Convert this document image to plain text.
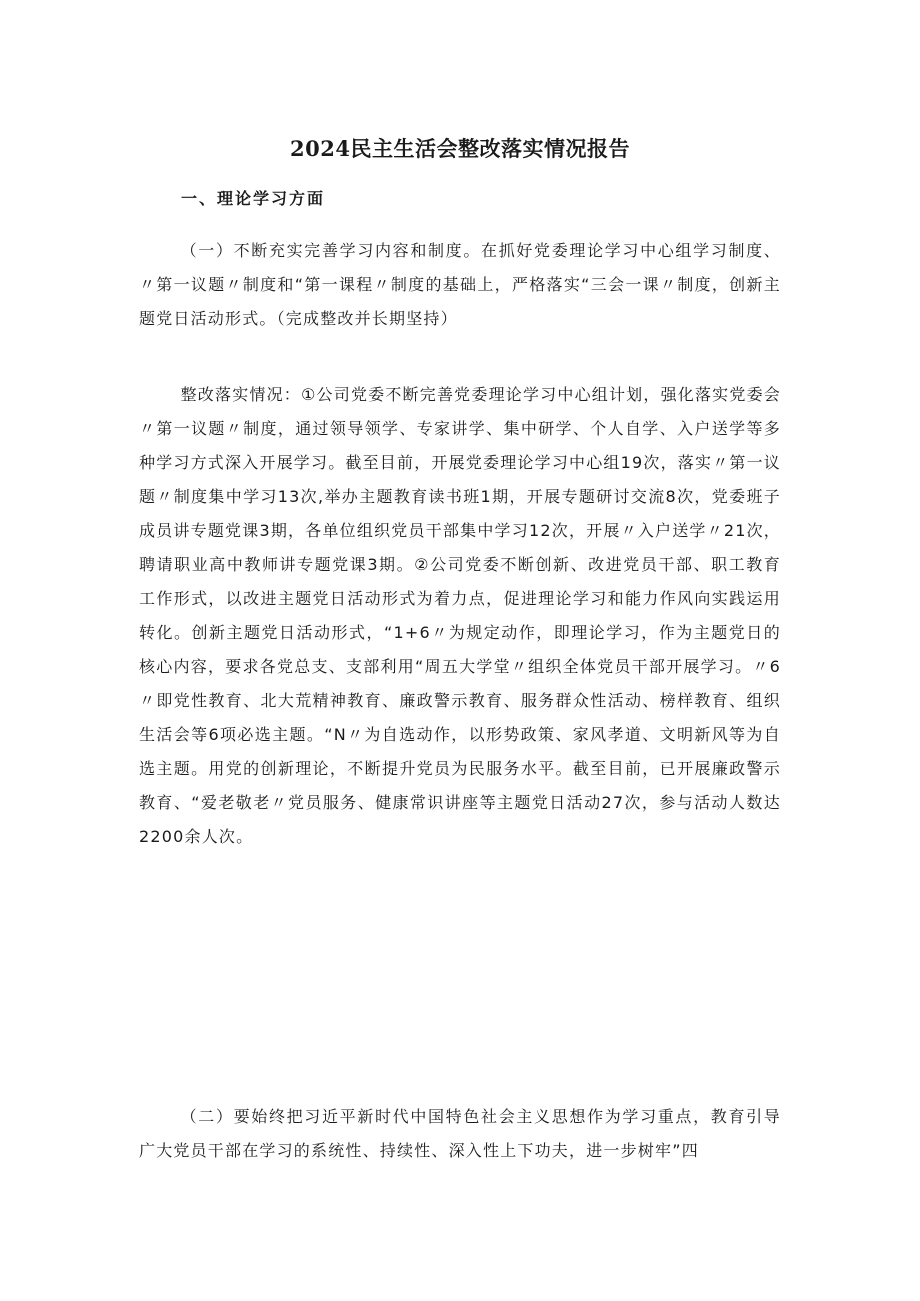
2024民主生活会整改落实情况报告
一、理论学习方面

（一）不断充实完善学习内容和制度。在抓好党委理论学习中心组学习制度、〃第一议题〃制度和“第一课程〃制度的基础上，严格落实“三会一课〃制度，创新主题党日活动形式。（完成整改并长期坚持）

整改落实情况：①公司党委不断完善党委理论学习中心组计划，强化落实党委会〃第一议题〃制度，通过领导领学、专家讲学、集中研学、个人自学、入户送学等多种学习方式深入开展学习。截至目前，开展党委理论学习中心组19次，落实〃第一议题〃制度集中学习13次,举办主题教育读书班1期，开展专题研讨交流8次，党委班子成员讲专题党课3期，各单位组织党员干部集中学习12次，开展〃入户送学〃21次，聘请职业高中教师讲专题党课3期。②公司党委不断创新、改进党员干部、职工教育工作形式，以改进主题党日活动形式为着力点，促进理论学习和能力作风向实践运用转化。创新主题党日活动形式，“1+6〃为规定动作，即理论学习，作为主题党日的核心内容，要求各党总支、支部利用“周五大学堂〃组织全体党员干部开展学习。〃6〃即党性教育、北大荒精神教育、廉政警示教育、服务群众性活动、榜样教育、组织生活会等6项必选主题。“N〃为自选动作，以形势政策、家风孝道、文明新风等为自选主题。用党的创新理论，不断提升党员为民服务水平。截至目前，已开展廉政警示教育、“爱老敬老〃党员服务、健康常识讲座等主题党日活动27次，参与活动人数达2200余人次。

（二）要始终把习近平新时代中国特色社会主义思想作为学习重点，教育引导广大党员干部在学习的系统性、持续性、深入性上下功夫，进一步树牢”四
